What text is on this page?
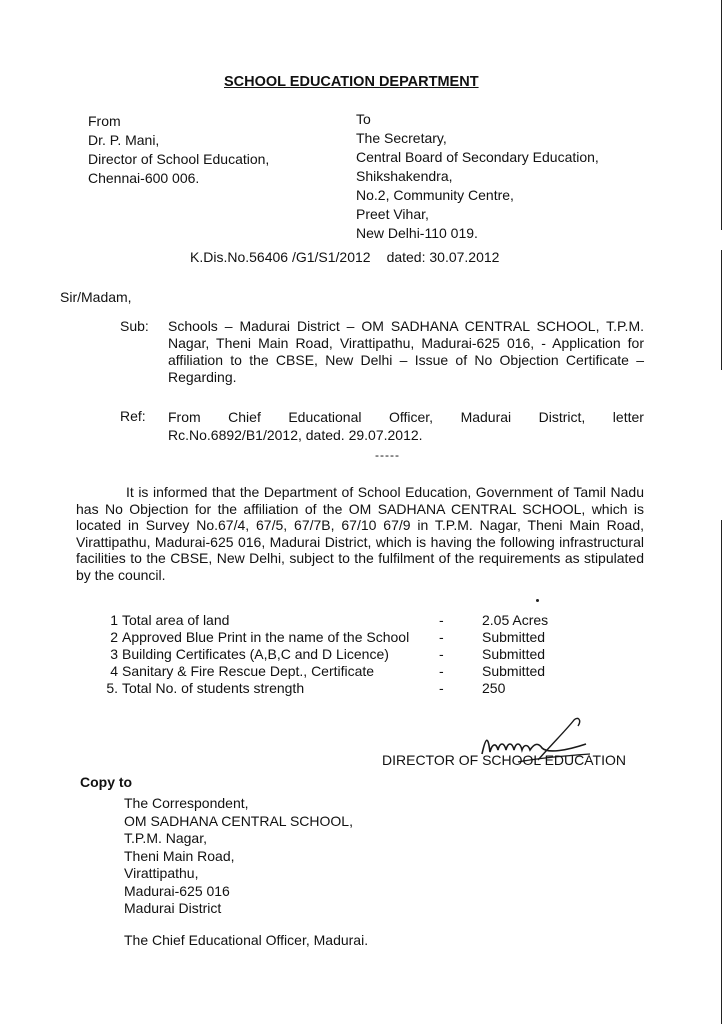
SCHOOL EDUCATION DEPARTMENT
From
Dr. P. Mani,
Director of School Education,
Chennai-600 006.
To
The Secretary,
Central Board of Secondary Education,
Shikshakendra,
No.2, Community Centre,
Preet Vihar,
New Delhi-110 019.
K.Dis.No.56406 /G1/S1/2012 dated: 30.07.2012
Sir/Madam,
Sub: Schools – Madurai District – OM SADHANA CENTRAL SCHOOL, T.P.M. Nagar, Theni Main Road, Virattipathu, Madurai-625 016, - Application for affiliation to the CBSE, New Delhi – Issue of No Objection Certificate – Regarding.
Ref: From Chief Educational Officer, Madurai District, letter
Rc.No.6892/B1/2012, dated. 29.07.2012.
-----
It is informed that the Department of School Education, Government of Tamil Nadu has No Objection for the affiliation of the OM SADHANA CENTRAL SCHOOL, which is located in Survey No.67/4, 67/5, 67/7B, 67/10 67/9 in T.P.M. Nagar, Theni Main Road, Virattipathu, Madurai-625 016, Madurai District, which is having the following infrastructural facilities to the CBSE, New Delhi, subject to the fulfilment of the requirements as stipulated by the council.
1 Total area of land	-	2.05 Acres
2 Approved Blue Print in the name of the School -	Submitted
3 Building Certificates (A,B,C and D Licence)	-	Submitted
4 Sanitary & Fire Rescue Dept., Certificate	-	Submitted
5. Total No. of students strength	-	250
DIRECTOR OF SCHOOL EDUCATION
Copy to
The Correspondent,
OM SADHANA CENTRAL SCHOOL,
T.P.M. Nagar,
Theni Main Road,
Virattipathu,
Madurai-625 016
Madurai District
The Chief Educational Officer, Madurai.
